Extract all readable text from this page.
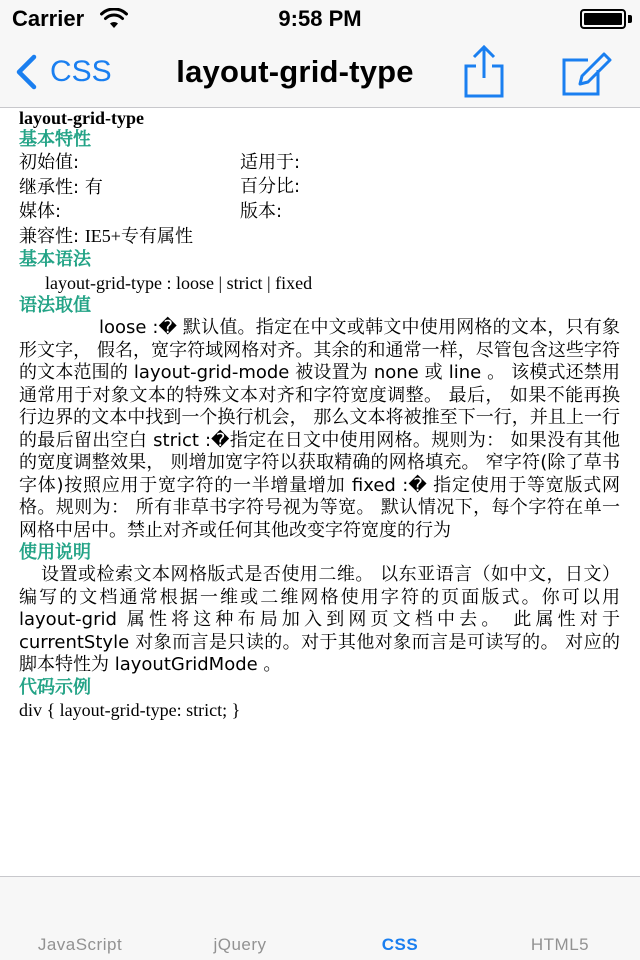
Carrier	9:58 PM
CSS	layout-grid-type
layout-grid-type
基本特性
初始值:	适用于:
继承性: 有	百分比:
媒体:	版本:
兼容性: IE5+专有属性
基本语法
layout-grid-type : loose | strict | fixed
语法取值
loose :� 默认值。指定在中文或韩文中使用网格的文本，只有象形文字， 假名，宽字符域网格对齐。其余的和通常一样，尽管包含这些字符的文本范围的 layout-grid-mode 被设置为 none 或 line 。 该模式还禁用通常用于对象文本的特殊文本对齐和字符宽度调整。 最后， 如果不能再换行边界的文本中找到一个换行机会， 那么文本将被推至下一行，并且上一行的最后留出空白 strict :�指定在日文中使用网格。规则为： 如果没有其他的宽度调整效果， 则增加宽字符以获取精确的网格填充。 窄字符(除了草书字体)按照应用于宽字符的一半增量增加 fixed :� 指定使用于等宽版式网格。规则为： 所有非草书字符号视为等宽。 默认情况下，每个字符在单一网格中居中。禁止对齐或任何其他改变字符宽度的行为
使用说明
设置或检索文本网格版式是否使用二维。 以东亚语言（如中文，日文）编写的文档通常根据一维或二维网格使用字符的页面版式。你可以用 layout-grid 属性将这种布局加入到网页文档中去。 此属性对于 currentStyle 对象而言是只读的。对于其他对象而言是可读写的。 对应的脚本特性为 layoutGridMode 。
代码示例
div { layout-grid-type: strict; }
JavaScript	jQuery	CSS	HTML5
